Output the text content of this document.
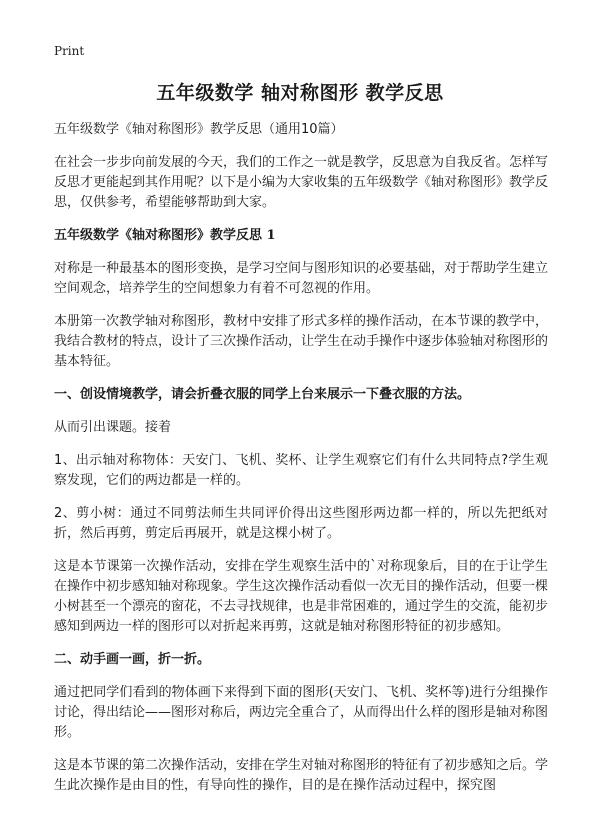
Print
五年级数学 轴对称图形 教学反思

五年级数学《轴对称图形》教学反思（通用10篇）

在社会一步步向前发展的今天，我们的工作之一就是教学，反思意为自我反省。怎样写反思才更能起到其作用呢？以下是小编为大家收集的五年级数学《轴对称图形》教学反思，仅供参考，希望能够帮助到大家。

五年级数学《轴对称图形》教学反思 1

对称是一种最基本的图形变换，是学习空间与图形知识的必要基础，对于帮助学生建立空间观念，培养学生的空间想象力有着不可忽视的作用。

本册第一次教学轴对称图形，教材中安排了形式多样的操作活动，在本节课的教学中，我结合教材的特点，设计了三次操作活动，让学生在动手操作中逐步体验轴对称图形的基本特征。

一、创设情境教学，请会折叠衣服的同学上台来展示一下叠衣服的方法。

从而引出课题。接着

1、出示轴对称物体：天安门、飞机、奖杯、让学生观察它们有什么共同特点?学生观察发现，它们的两边都是一样的。

2、剪小树：通过不同剪法师生共同评价得出这些图形两边都一样的，所以先把纸对折，然后再剪，剪定后再展开，就是这棵小树了。

这是本节课第一次操作活动，安排在学生观察生活中的`对称现象后，目的在于让学生在操作中初步感知轴对称现象。学生这次操作活动看似一次无目的操作活动，但要一棵小树甚至一个漂亮的窗花，不去寻找规律，也是非常困难的，通过学生的交流，能初步感知到两边一样的图形可以对折起来再剪，这就是轴对称图形特征的初步感知。

二、动手画一画，折一折。

通过把同学们看到的物体画下来得到下面的图形(天安门、飞机、奖杯等)进行分组操作讨论，得出结论——图形对称后，两边完全重合了，从而得出什么样的图形是轴对称图形。

这是本节课的第二次操作活动，安排在学生对轴对称图形的特征有了初步感知之后。学生此次操作是由目的性，有导向性的操作，目的是在操作活动过程中，探究图
